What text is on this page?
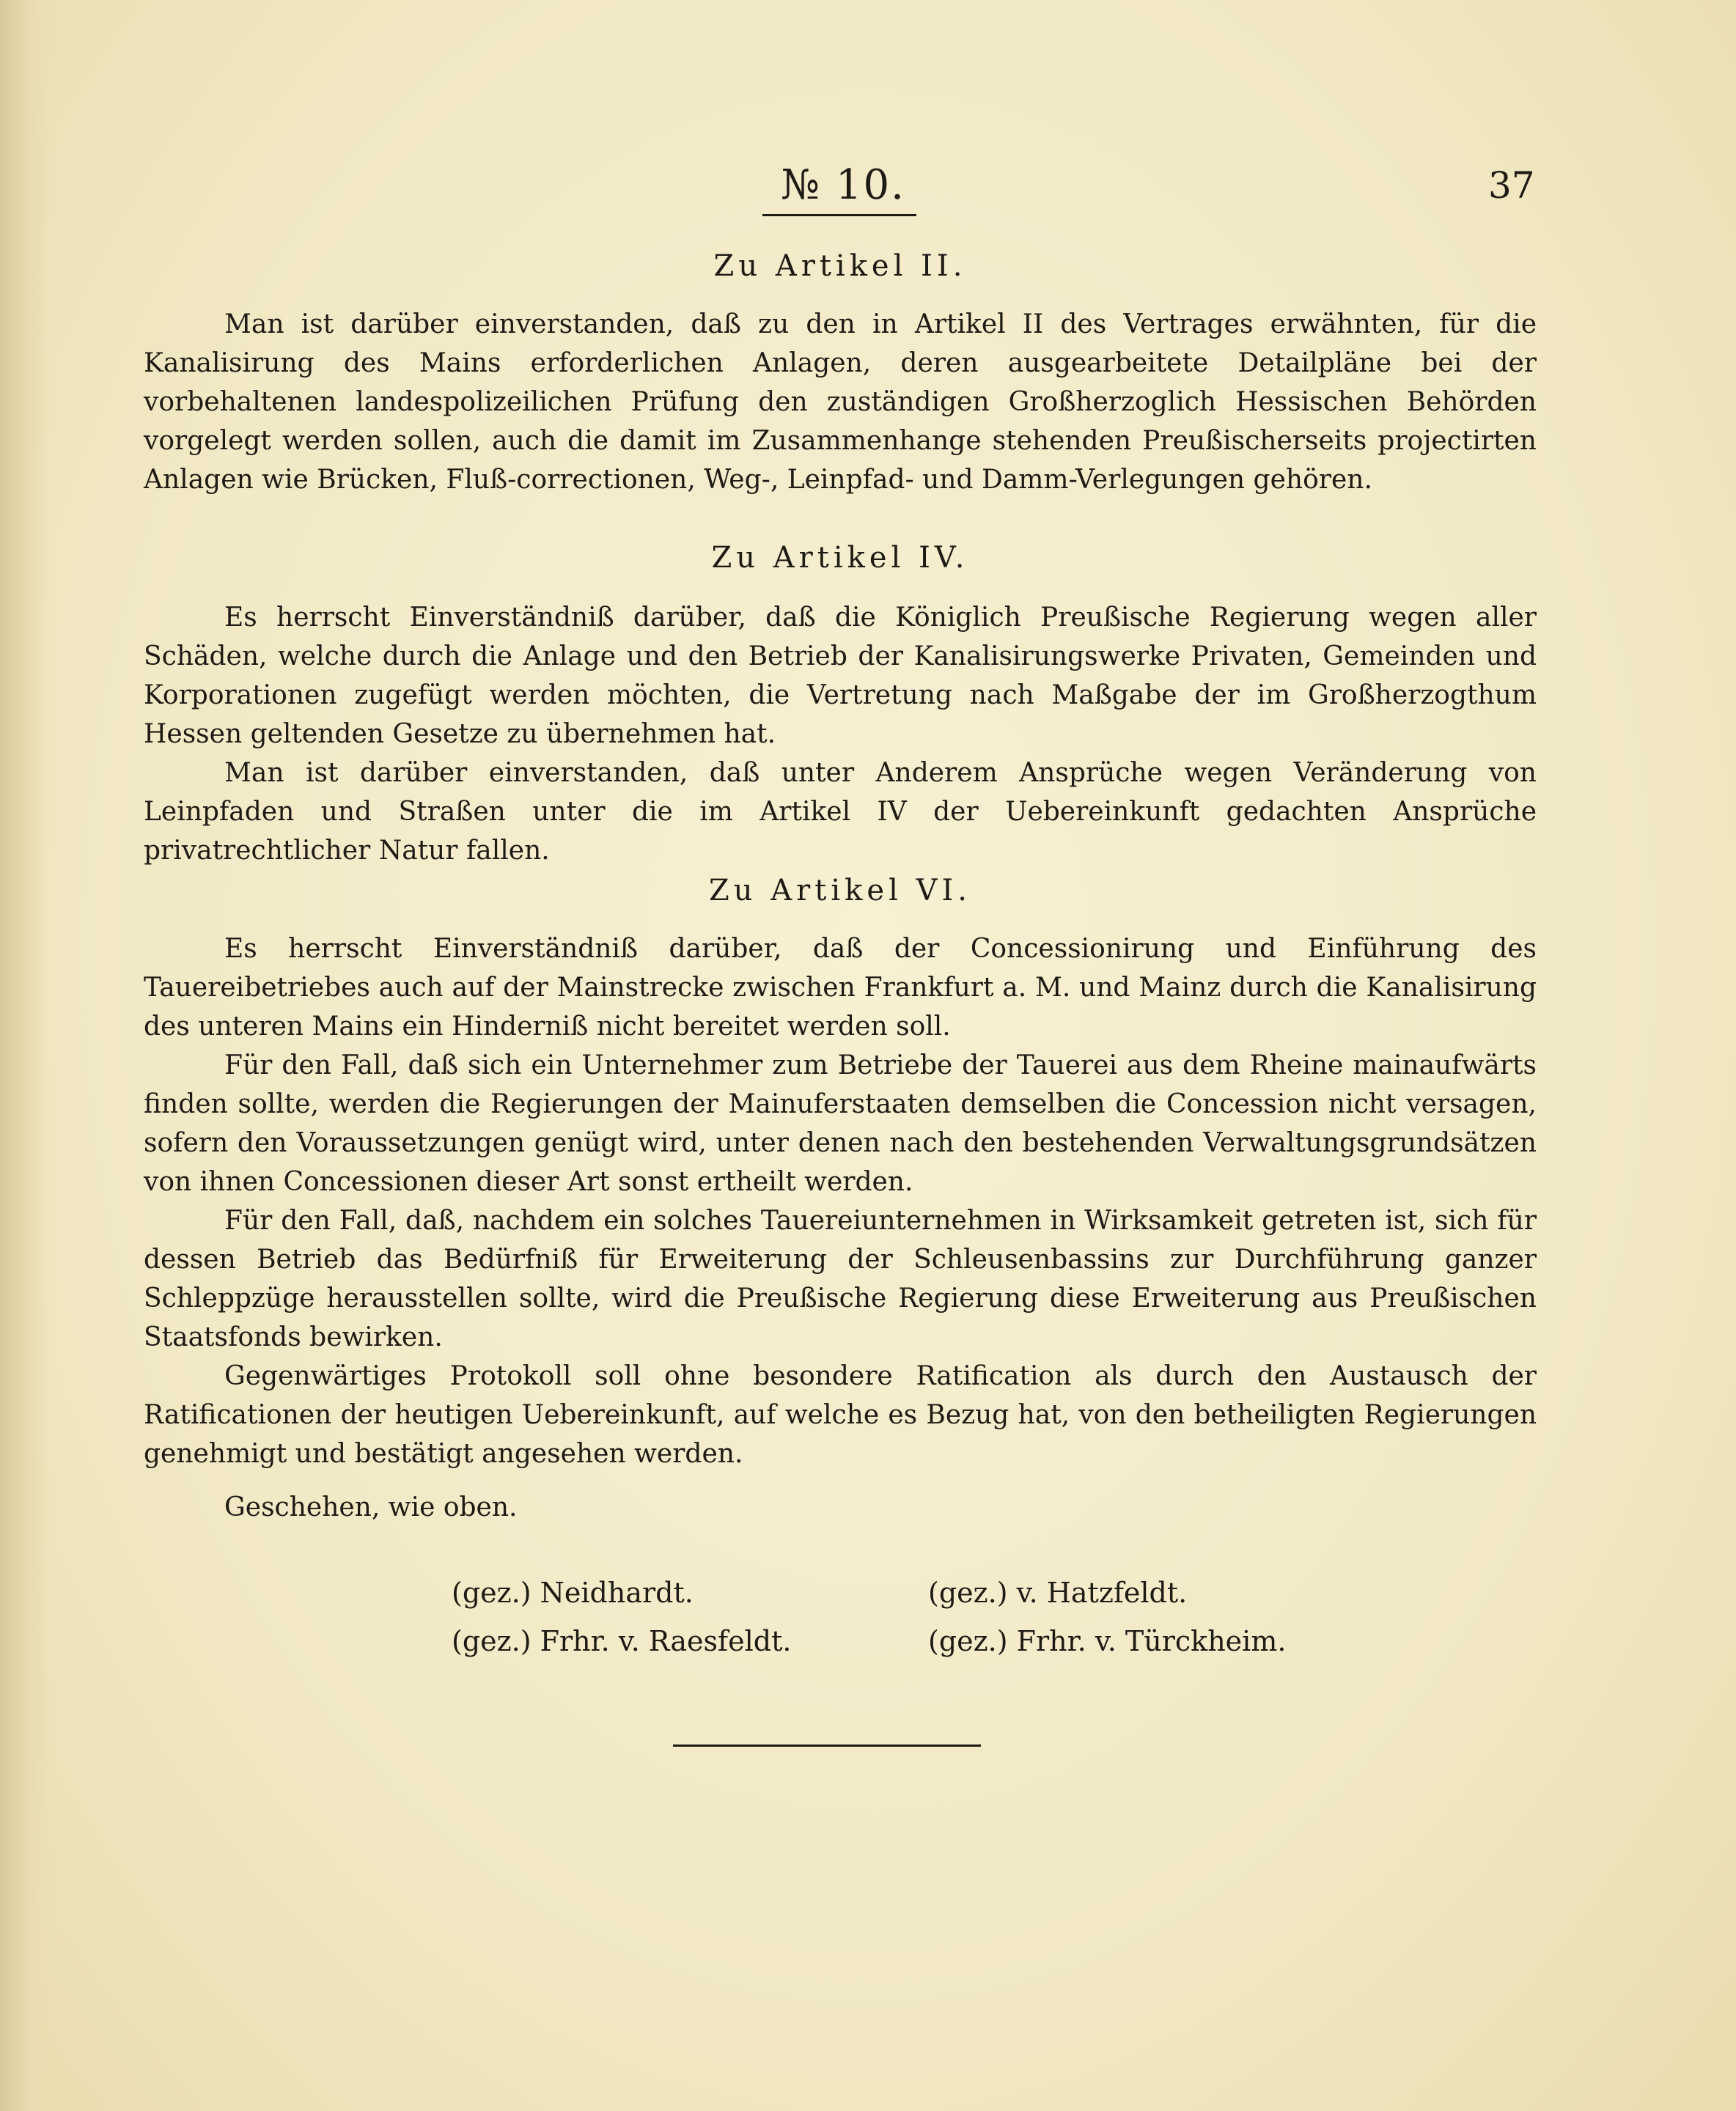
№ 10.	37
Zu Artikel II.

Man ist darüber einverstanden, daß zu den in Artikel II des Vertrages erwähnten, für die Kanalisirung des Mains erforderlichen Anlagen, deren ausgearbeitete Detailpläne bei der vorbehaltenen landespolizeilichen Prüfung den zuständigen Großherzoglich Hessischen Behörden vorgelegt werden sollen, auch die damit im Zusammenhange stehenden Preußischerseits projectirten Anlagen wie Brücken, Fluß-correctionen, Weg-, Leinpfad- und Damm-Verlegungen gehören.

Zu Artikel IV.

Es herrscht Einverständniß darüber, daß die Königlich Preußische Regierung wegen aller Schäden, welche durch die Anlage und den Betrieb der Kanalisirungswerke Privaten, Gemeinden und Korporationen zugefügt werden möchten, die Vertretung nach Maßgabe der im Großherzogthum Hessen geltenden Gesetze zu übernehmen hat.

Man ist darüber einverstanden, daß unter Anderem Ansprüche wegen Veränderung von Leinpfaden und Straßen unter die im Artikel IV der Uebereinkunft gedachten Ansprüche privatrechtlicher Natur fallen.

Zu Artikel VI.

Es herrscht Einverständniß darüber, daß der Concessionirung und Einführung des Tauereibetriebes auch auf der Mainstrecke zwischen Frankfurt a. M. und Mainz durch die Kanalisirung des unteren Mains ein Hinderniß nicht bereitet werden soll.

Für den Fall, daß sich ein Unternehmer zum Betriebe der Tauerei aus dem Rheine mainaufwärts finden sollte, werden die Regierungen der Mainuferstaaten demselben die Concession nicht versagen, sofern den Voraussetzungen genügt wird, unter denen nach den bestehenden Verwaltungsgrundsätzen von ihnen Concessionen dieser Art sonst ertheilt werden.

Für den Fall, daß, nachdem ein solches Tauereiunternehmen in Wirksamkeit getreten ist, sich für dessen Betrieb das Bedürfniß für Erweiterung der Schleusenbassins zur Durchführung ganzer Schleppzüge herausstellen sollte, wird die Preußische Regierung diese Erweiterung aus Preußischen Staatsfonds bewirken.

Gegenwärtiges Protokoll soll ohne besondere Ratification als durch den Austausch der Ratificationen der heutigen Uebereinkunft, auf welche es Bezug hat, von den betheiligten Regierungen genehmigt und bestätigt angesehen werden.

Geschehen, wie oben.

(gez.) Neidhardt.	(gez.) v. Hatzfeldt.
(gez.) Frhr. v. Raesfeldt.	(gez.) Frhr. v. Türckheim.
